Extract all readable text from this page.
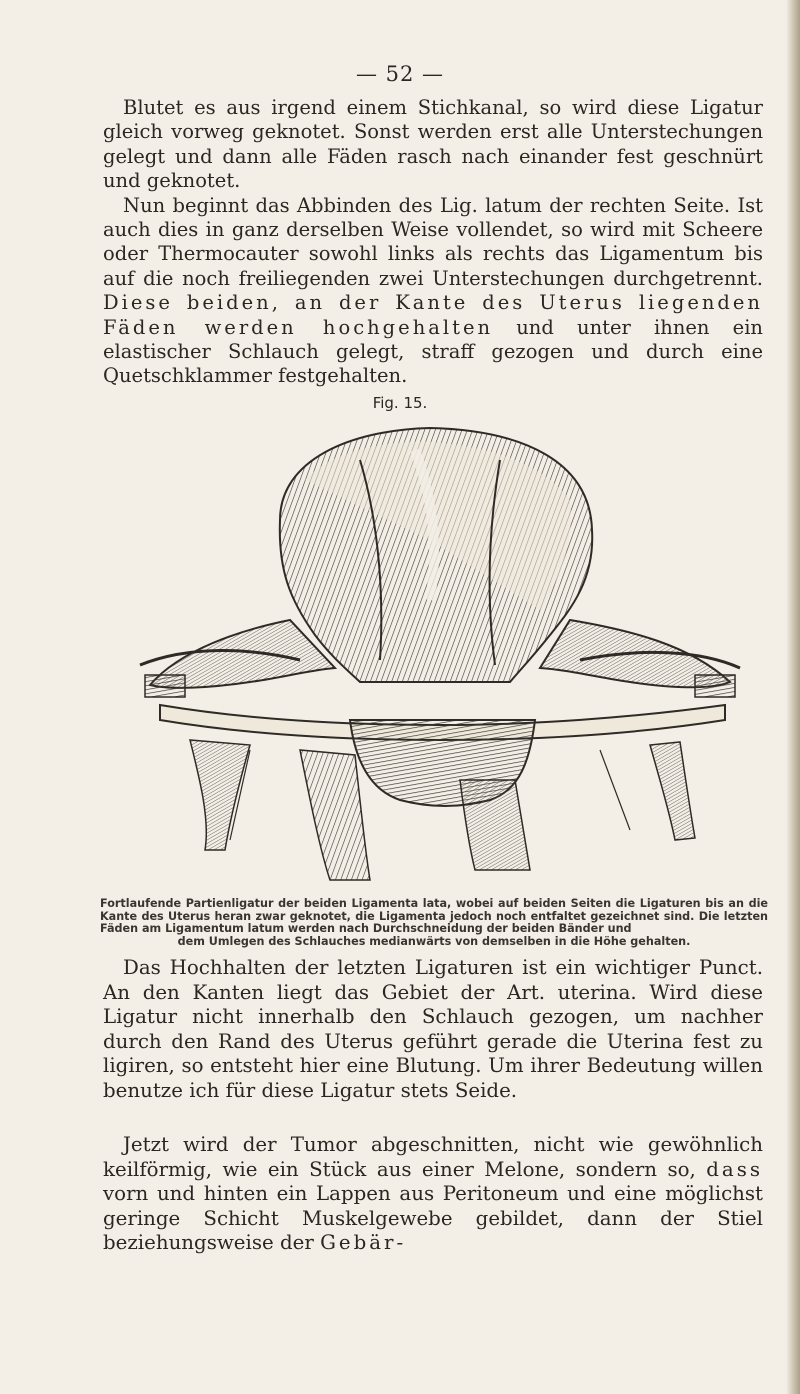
— 52 —
Blutet es aus irgend einem Stichkanal, so wird diese Ligatur gleich vorweg geknotet. Sonst werden erst alle Unterstechungen gelegt und dann alle Fäden rasch nach einander fest geschnürt und geknotet.
Nun beginnt das Abbinden des Lig. latum der rechten Seite. Ist auch dies in ganz derselben Weise vollendet, so wird mit Scheere oder Thermocauter sowohl links als rechts das Ligamentum bis auf die noch freiliegenden zwei Unterstechungen durchgetrennt. Diese beiden, an der Kante des Uterus liegenden Fäden werden hochgehalten und unter ihnen ein elastischer Schlauch gelegt, straff gezogen und durch eine Quetschklammer festgehalten.
Fig. 15.
Fortlaufende Partienligatur der beiden Ligamenta lata, wobei auf beiden Seiten die Ligaturen bis an die Kante des Uterus heran zwar geknotet, die Ligamenta jedoch noch entfaltet gezeichnet sind. Die letzten Fäden am Ligamentum latum werden nach Durchschneidung der beiden Bänder und
dem Umlegen des Schlauches medianwärts von demselben in die Höhe gehalten.
Das Hochhalten der letzten Ligaturen ist ein wichtiger Punct. An den Kanten liegt das Gebiet der Art. uterina. Wird diese Ligatur nicht innerhalb den Schlauch gezogen, um nachher durch den Rand des Uterus geführt gerade die Uterina fest zu ligiren, so entsteht hier eine Blutung. Um ihrer Bedeutung willen benutze ich für diese Ligatur stets Seide.
Jetzt wird der Tumor abgeschnitten, nicht wie gewöhnlich keilförmig, wie ein Stück aus einer Melone, sondern so, dass vorn und hinten ein Lappen aus Peritoneum und eine möglichst geringe Schicht Muskelgewebe gebildet, dann der Stiel beziehungsweise der Gebär-
